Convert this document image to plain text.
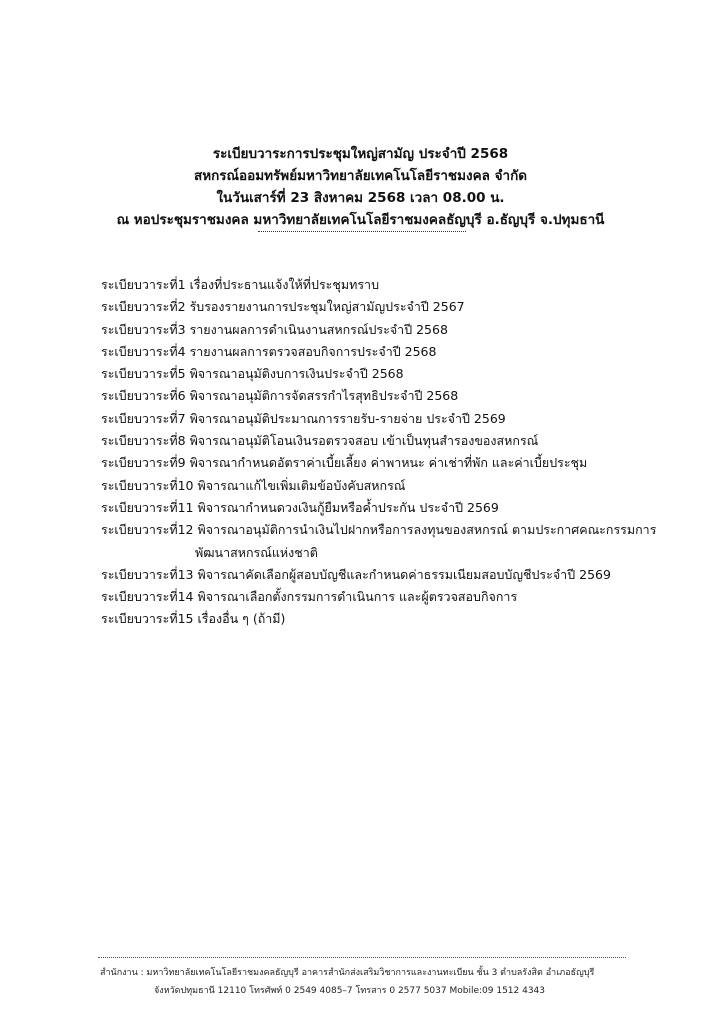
ระเบียบวาระการประชุมใหญ่สามัญ ประจำปี 2568
สหกรณ์ออมทรัพย์มหาวิทยาลัยเทคโนโลยีราชมงคล จำกัด
ในวันเสาร์ที่ 23 สิงหาคม 2568 เวลา 08.00 น.
ณ หอประชุมราชมงคล มหาวิทยาลัยเทคโนโลยีราชมงคลธัญบุรี อ.ธัญบุรี จ.ปทุมธานี
ระเบียบวาระที่ 1 เรื่องที่ประธานแจ้งให้ที่ประชุมทราบ
ระเบียบวาระที่ 2 รับรองรายงานการประชุมใหญ่สามัญประจำปี 2567
ระเบียบวาระที่ 3 รายงานผลการดำเนินงานสหกรณ์ประจำปี 2568
ระเบียบวาระที่ 4 รายงานผลการตรวจสอบกิจการประจำปี 2568
ระเบียบวาระที่ 5 พิจารณาอนุมัติงบการเงินประจำปี 2568
ระเบียบวาระที่ 6 พิจารณาอนุมัติการจัดสรรกำไรสุทธิประจำปี 2568
ระเบียบวาระที่ 7 พิจารณาอนุมัติประมาณการรายรับ-รายจ่าย ประจำปี 2569
ระเบียบวาระที่ 8 พิจารณาอนุมัติโอนเงินรอตรวจสอบ เข้าเป็นทุนสำรองของสหกรณ์
ระเบียบวาระที่ 9 พิจารณากำหนดอัตราค่าเบี้ยเลี้ยง ค่าพาหนะ ค่าเช่าที่พัก และค่าเบี้ยประชุม
ระเบียบวาระที่ 10 พิจารณาแก้ไขเพิ่มเติมข้อบังคับสหกรณ์
ระเบียบวาระที่ 11 พิจารณากำหนดวงเงินกู้ยืมหรือค้ำประกัน ประจำปี 2569
ระเบียบวาระที่ 12 พิจารณาอนุมัติการนำเงินไปฝากหรือการลงทุนของสหกรณ์ ตามประกาศคณะกรรมการ
พัฒนาสหกรณ์แห่งชาติ
ระเบียบวาระที่ 13 พิจารณาคัดเลือกผู้สอบบัญชีและกำหนดค่าธรรมเนียมสอบบัญชีประจำปี 2569
ระเบียบวาระที่ 14 พิจารณาเลือกตั้งกรรมการดำเนินการ และผู้ตรวจสอบกิจการ
ระเบียบวาระที่ 15 เรื่องอื่น ๆ (ถ้ามี)
สำนักงาน : มหาวิทยาลัยเทคโนโลยีราชมงคลธัญบุรี อาคารสำนักส่งเสริมวิชาการและงานทะเบียน ชั้น 3 ตำบลรังสิต อำเภอธัญบุรี
จังหวัดปทุมธานี 12110 โทรศัพท์ 0 2549 4085–7 โทรสาร 0 2577 5037 Mobile:09 1512 4343
